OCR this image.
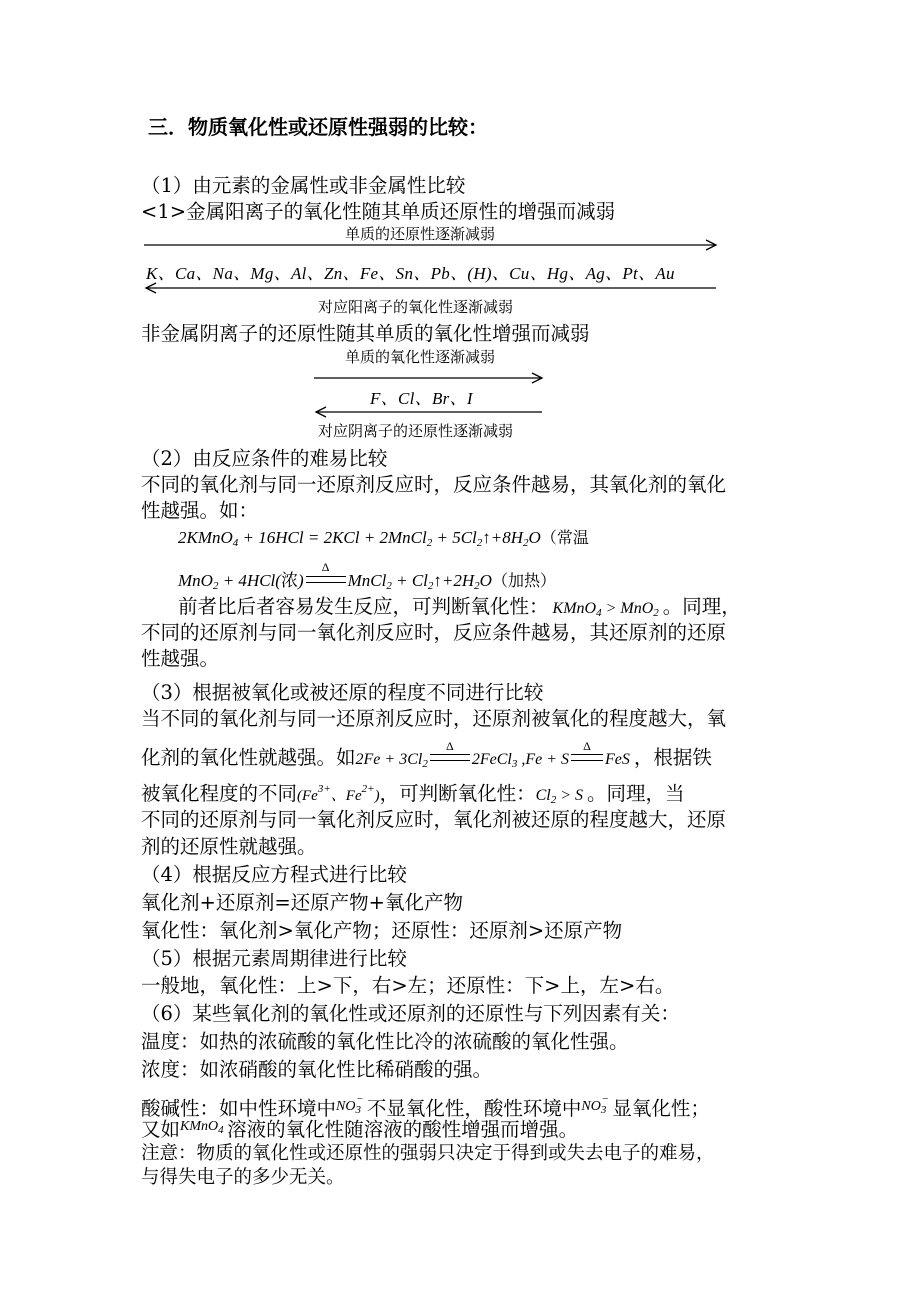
三．物质氧化性或还原性强弱的比较：
（1）由元素的金属性或非金属性比较
<1>金属阳离子的氧化性随其单质还原性的增强而减弱
单质的还原性逐渐减弱
K、Ca、Na、Mg、Al、Zn、Fe、Sn、Pb、(H)、Cu、Hg、Ag、Pt、Au
对应阳离子的氧化性逐渐减弱
非金属阴离子的还原性随其单质的氧化性增强而减弱
单质的氧化性逐渐减弱
F、Cl、Br、I
对应阴离子的还原性逐渐减弱
（2）由反应条件的难易比较
不同的氧化剂与同一还原剂反应时，反应条件越易，其氧化剂的氧化
性越强。如：
2KMnO$_4$ + 16HCl = 2KCl + 2MnCl$_2$ + $5Cl_2↑+8H_2O$（常温
MnO$_2$ + 4HCl(浓)
Δ
MnCl$_2$ + $Cl_2↑+2H_2O$（加热）
前者比后者容易发生反应，可判断氧化性： KMnO$_4$ > MnO$_2$ 。同理，
不同的还原剂与同一氧化剂反应时，反应条件越易，其还原剂的还原
性越强。
（3）根据被氧化或被还原的程度不同进行比较
当不同的氧化剂与同一还原剂反应时，还原剂被氧化的程度越大，氧
化剂的氧化性就越强。如$2Fe + 3Cl_2$
Δ
2FeCl$_3$ ,Fe + S
Δ
FeS ，根据铁
被氧化程度的不同($Fe^{3+}$、$Fe^{2+}$)，可判断氧化性：$Cl_2 > S$ 。同理，当
不同的还原剂与同一氧化剂反应时，氧化剂被还原的程度越大，还原
剂的还原性就越强。
（4）根据反应方程式进行比较
氧化剂+还原剂=还原产物+氧化产物
氧化性：氧化剂>氧化产物；还原性：还原剂>还原产物
（5）根据元素周期律进行比较
一般地，氧化性：上>下，右>左；还原性：下>上，左>右。
（6）某些氧化剂的氧化性或还原剂的还原性与下列因素有关：
温度：如热的浓硫酸的氧化性比冷的浓硫酸的氧化性强。
浓度：如浓硝酸的氧化性比稀硝酸的强。
酸碱性：如中性环境中$^{NO_3^-}$ 不显氧化性，酸性环境中$^{NO_3^-}$ 显氧化性；
又如$^{KMnO_4}$ 溶液的氧化性随溶液的酸性增强而增强。
注意：物质的氧化性或还原性的强弱只决定于得到或失去电子的难易，
与得失电子的多少无关。
